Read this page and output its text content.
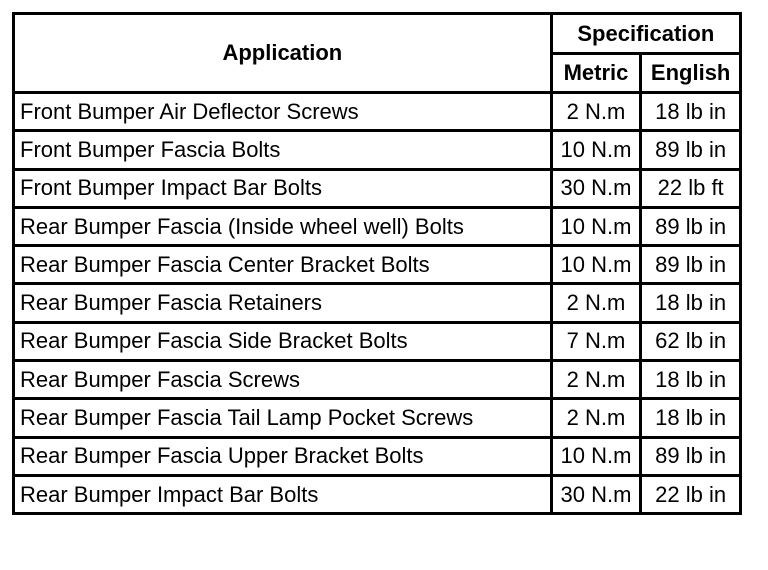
Application	Specification	
	Metric	English
Front Bumper Air Deflector Screws	2 N.m	18 lb in
Front Bumper Fascia Bolts	10 N.m	89 lb in
Front Bumper Impact Bar Bolts	30 N.m	22 lb ft
Rear Bumper Fascia (Inside wheel well) Bolts	10 N.m	89 lb in
Rear Bumper Fascia Center Bracket Bolts	10 N.m	89 lb in
Rear Bumper Fascia Retainers	2 N.m	18 lb in
Rear Bumper Fascia Side Bracket Bolts	7 N.m	62 lb in
Rear Bumper Fascia Screws	2 N.m	18 lb in
Rear Bumper Fascia Tail Lamp Pocket Screws	2 N.m	18 lb in
Rear Bumper Fascia Upper Bracket Bolts	10 N.m	89 lb in
Rear Bumper Impact Bar Bolts	30 N.m	22 lb in
